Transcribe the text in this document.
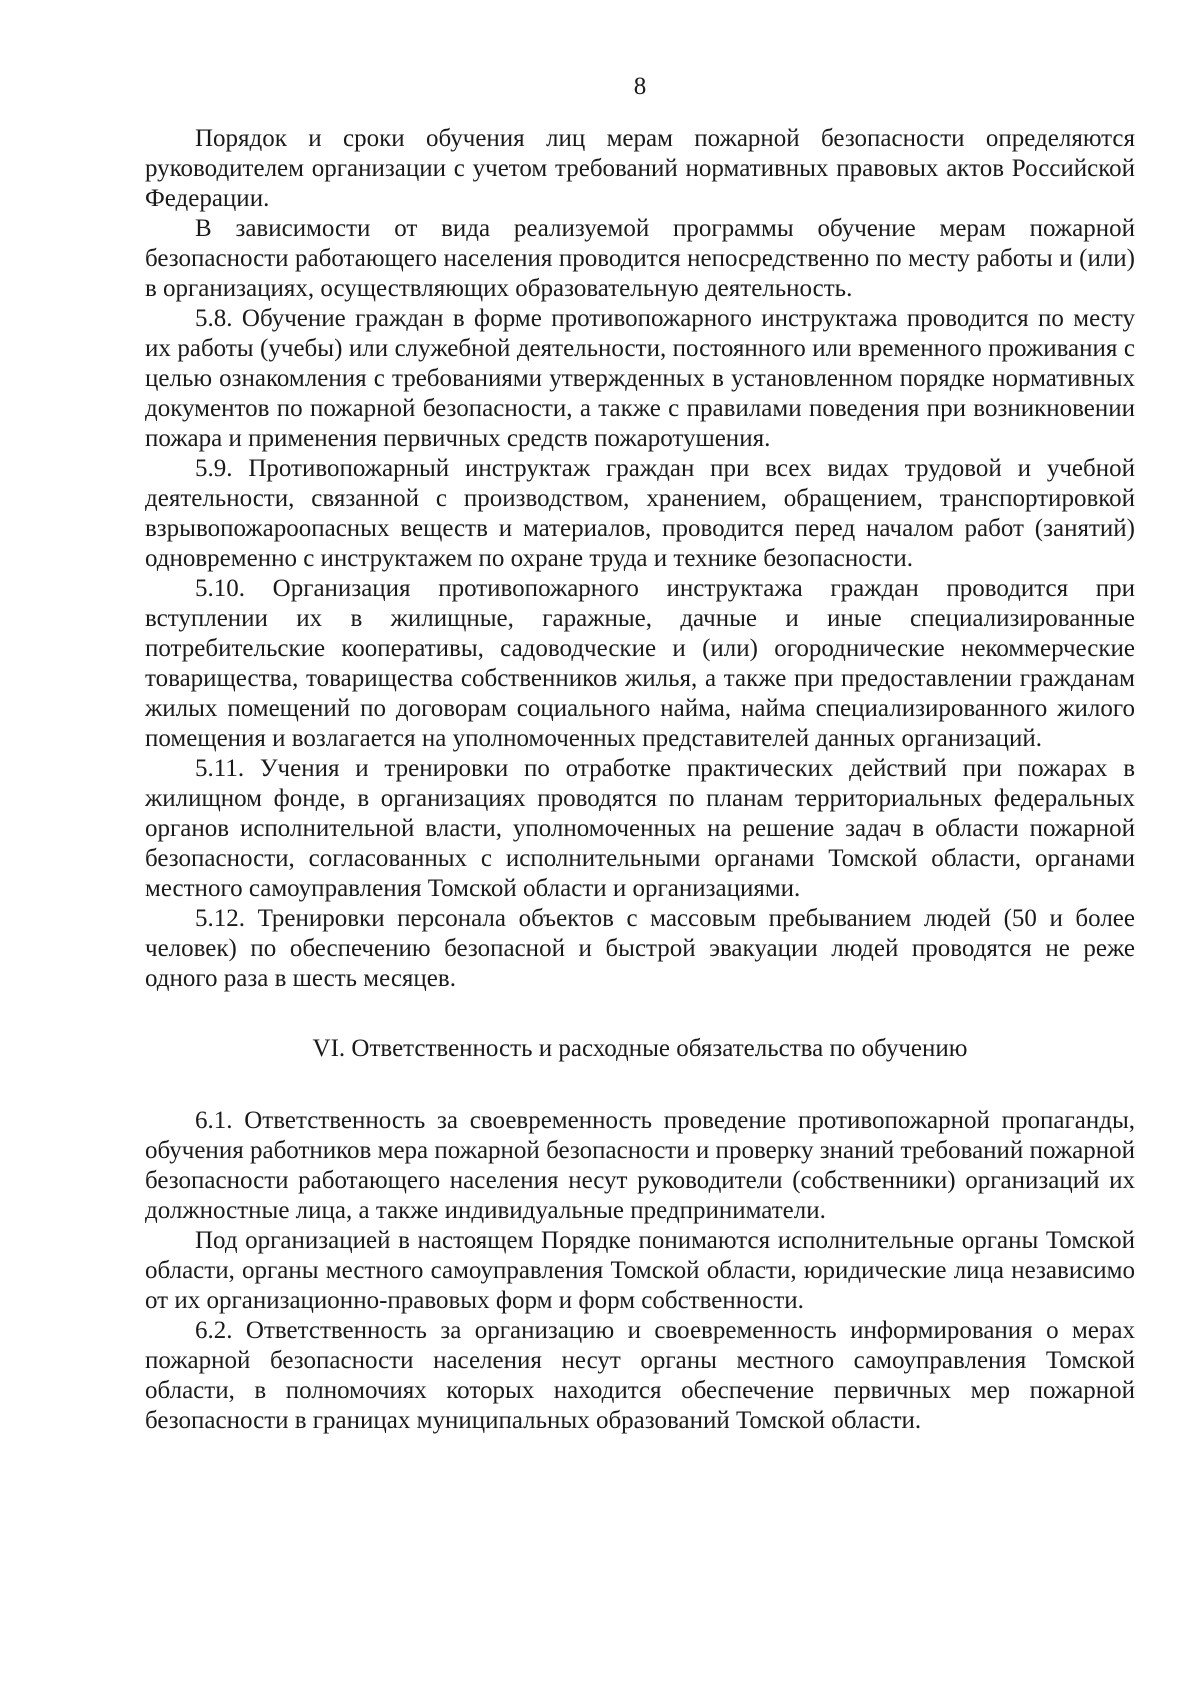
8

Порядок и сроки обучения лиц мерам пожарной безопасности определяются руководителем организации с учетом требований нормативных правовых актов Российской Федерации.

В зависимости от вида реализуемой программы обучение мерам пожарной безопасности работающего населения проводится непосредственно по месту работы и (или) в организациях, осуществляющих образовательную деятельность.

5.8. Обучение граждан в форме противопожарного инструктажа проводится по месту их работы (учебы) или служебной деятельности, постоянного или временного проживания с целью ознакомления с требованиями утвержденных в установленном порядке нормативных документов по пожарной безопасности, а также с правилами поведения при возникновении пожара и применения первичных средств пожаротушения.

5.9. Противопожарный инструктаж граждан при всех видах трудовой и учебной деятельности, связанной с производством, хранением, обращением, транспортировкой взрывопожароопасных веществ и материалов, проводится перед началом работ (занятий) одновременно с инструктажем по охране труда и технике безопасности.

5.10. Организация противопожарного инструктажа граждан проводится при вступлении их в жилищные, гаражные, дачные и иные специализированные потребительские кооперативы, садоводческие и (или) огороднические некоммерческие товарищества, товарищества собственников жилья, а также при предоставлении гражданам жилых помещений по договорам социального найма, найма специализированного жилого помещения и возлагается на уполномоченных представителей данных организаций.

5.11. Учения и тренировки по отработке практических действий при пожарах в жилищном фонде, в организациях проводятся по планам территориальных федеральных органов исполнительной власти, уполномоченных на решение задач в области пожарной безопасности, согласованных с исполнительными органами Томской области, органами местного самоуправления Томской области и организациями.

5.12. Тренировки персонала объектов с массовым пребыванием людей (50 и более человек) по обеспечению безопасной и быстрой эвакуации людей проводятся не реже одного раза в шесть месяцев.

VI. Ответственность и расходные обязательства по обучению

6.1. Ответственность за своевременность проведение противопожарной пропаганды, обучения работников мера пожарной безопасности и проверку знаний требований пожарной безопасности работающего населения несут руководители (собственники) организаций их должностные лица, а также индивидуальные предприниматели.

Под организацией в настоящем Порядке понимаются исполнительные органы Томской области, органы местного самоуправления Томской области, юридические лица независимо от их организационно-правовых форм и форм собственности.

6.2. Ответственность за организацию и своевременность информирования о мерах пожарной безопасности населения несут органы местного самоуправления Томской области, в полномочиях которых находится обеспечение первичных мер пожарной безопасности в границах муниципальных образований Томской области.
